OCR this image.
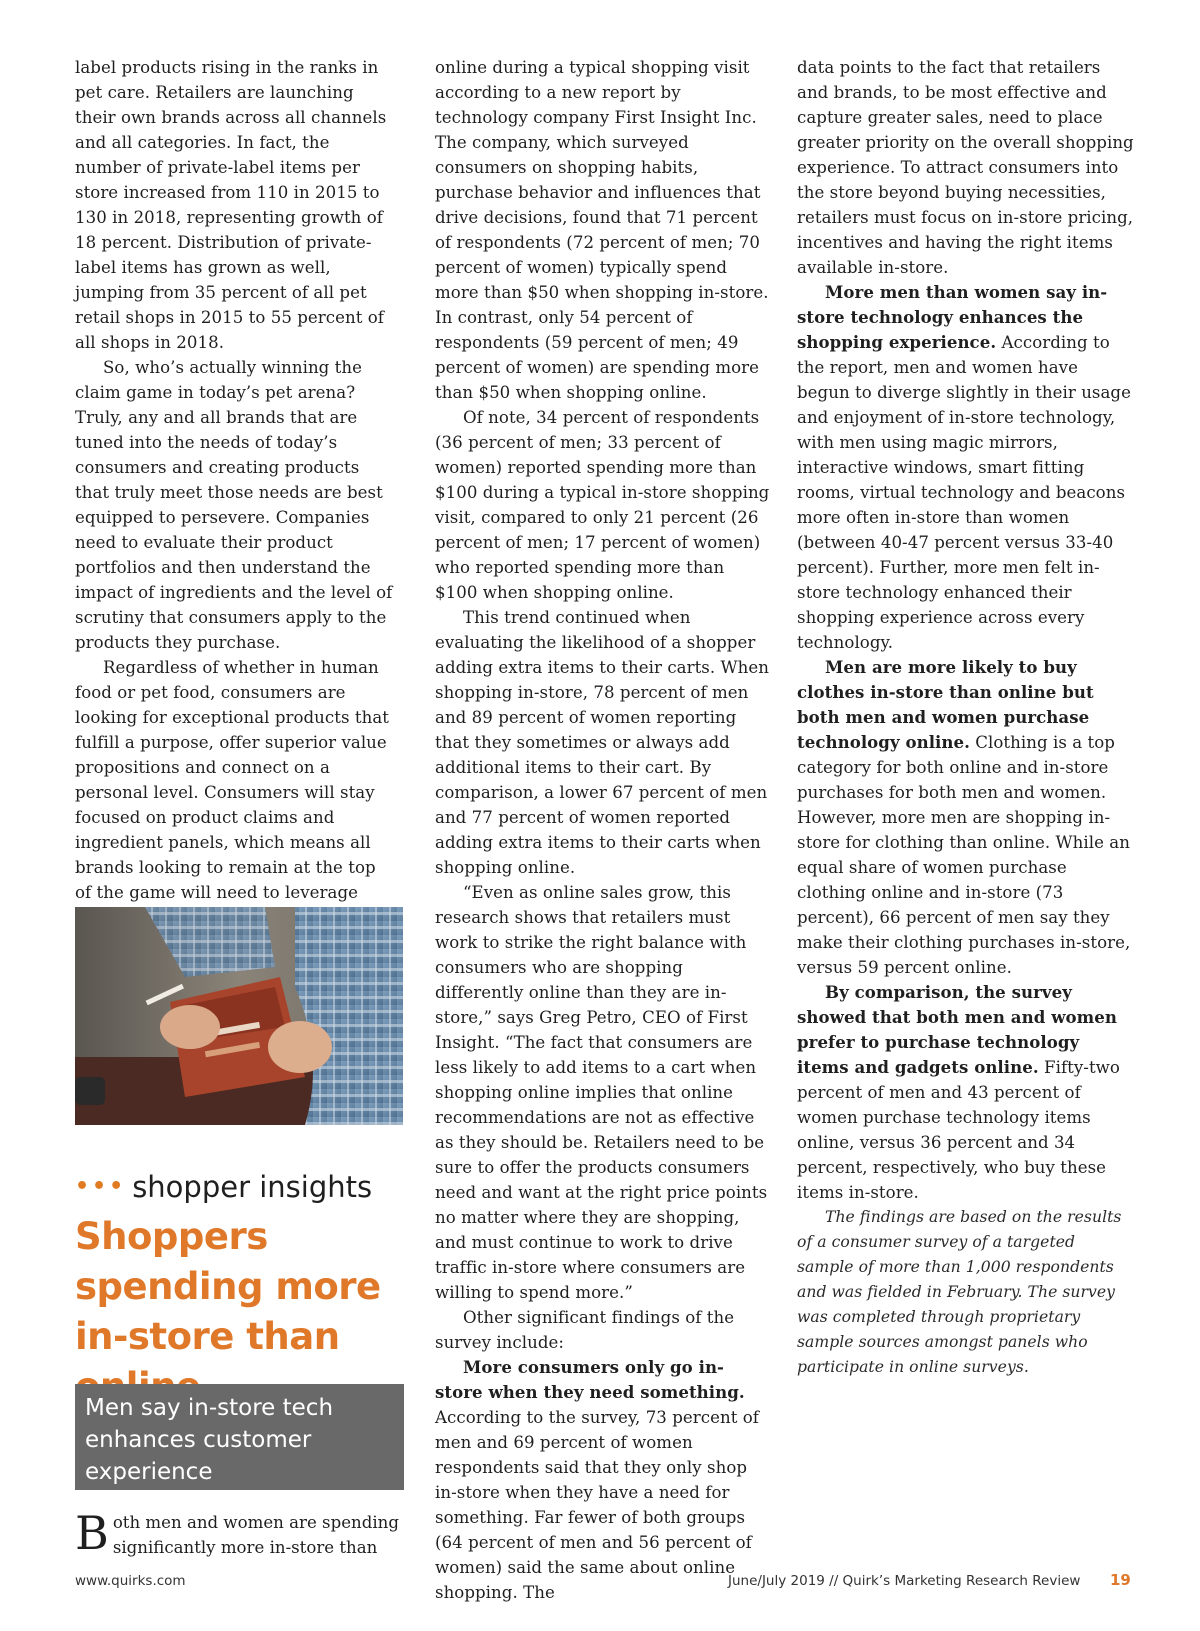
label products rising in the ranks in pet care. Retailers are launching their own brands across all channels and all categories. In fact, the number of private-label items per store increased from 110 in 2015 to 130 in 2018, representing growth of 18 percent. Distribution of private-label items has grown as well, jumping from 35 percent of all pet retail shops in 2015 to 55 percent of all shops in 2018.

So, who’s actually winning the claim game in today’s pet arena? Truly, any and all brands that are tuned into the needs of today’s consumers and creating products that truly meet those needs are best equipped to persevere. Companies need to evaluate their product portfolios and then understand the impact of ingredients and the level of scrutiny that consumers apply to the products they purchase.

Regardless of whether in human food or pet food, consumers are looking for exceptional products that fulfill a purpose, offer superior value propositions and connect on a personal level. Consumers will stay focused on product claims and ingredient panels, which means all brands looking to remain at the top of the game will need to leverage

••• shopper insights
Shoppers spending more in-store than
Men say in-store tech enhances customer experience
Both men and women are spending significantly more in-store than

online during a typical shopping visit according to a new report by technology company First Insight Inc. The company, which surveyed consumers on shopping habits, purchase behavior and influences that drive decisions, found that 71 percent of respondents (72 percent of men; 70 percent of women) typically spend more than $50 when shopping in-store. In contrast, only 54 percent of respondents (59 percent of men; 49 percent of women) are spending more than $50 when shopping online.

Of note, 34 percent of respondents (36 percent of men; 33 percent of women) reported spending more than $100 during a typical in-store shopping visit, compared to only 21 percent (26 percent of men; 17 percent of women) who reported spending more than $100 when shopping online.

This trend continued when evaluating the likelihood of a shopper adding extra items to their carts. When shopping in-store, 78 percent of men and 89 percent of women reporting that they sometimes or always add additional items to their cart. By comparison, a lower 67 percent of men and 77 percent of women reported adding extra items to their carts when shopping online.

“Even as online sales grow, this research shows that retailers must work to strike the right balance with consumers who are shopping differently online than they are in-store,” says Greg Petro, CEO of First Insight. “The fact that consumers are less likely to add items to a cart when shopping online implies that online recommendations are not as effective as they should be. Retailers need to be sure to offer the products consumers need and want at the right price points no matter where they are shopping, and must continue to work to drive traffic in-store where consumers are willing to spend more.”

Other significant findings of the survey include:

More consumers only go in-store when they need something. According to the survey, 73 percent of men and 69 percent of women respondents said that they only shop in-store when they have a need for something. Far fewer of both groups (64 percent of men and 56 percent of women) said the same about online shopping. The

data points to the fact that retailers and brands, to be most effective and capture greater sales, need to place greater priority on the overall shopping experience. To attract consumers into the store beyond buying necessities, retailers must focus on in-store pricing, incentives and having the right items available in-store.

More men than women say in-store technology enhances the shopping experience. According to the report, men and women have begun to diverge slightly in their usage and enjoyment of in-store technology, with men using magic mirrors, interactive windows, smart fitting rooms, virtual technology and beacons more often in-store than women (between 40-47 percent versus 33-40 percent). Further, more men felt in-store technology enhanced their shopping experience across every technology.

Men are more likely to buy clothes in-store than online but both men and women purchase technology online. Clothing is a top category for both online and in-store purchases for both men and women. However, more men are shopping in-store for clothing than online. While an equal share of women purchase clothing online and in-store (73 percent), 66 percent of men say they make their clothing purchases in-store, versus 59 percent online.

By comparison, the survey showed that both men and women prefer to purchase technology items and gadgets online. Fifty-two percent of men and 43 percent of women purchase technology items online, versus 36 percent and 34 percent, respectively, who buy these items in-store.

The findings are based on the results of a consumer survey of a targeted sample of more than 1,000 respondents and was fielded in February. The survey was completed through proprietary sample sources amongst panels who participate in online surveys.

www.quirks.com	June/July 2019 // Quirk’s Marketing Research Review 19
